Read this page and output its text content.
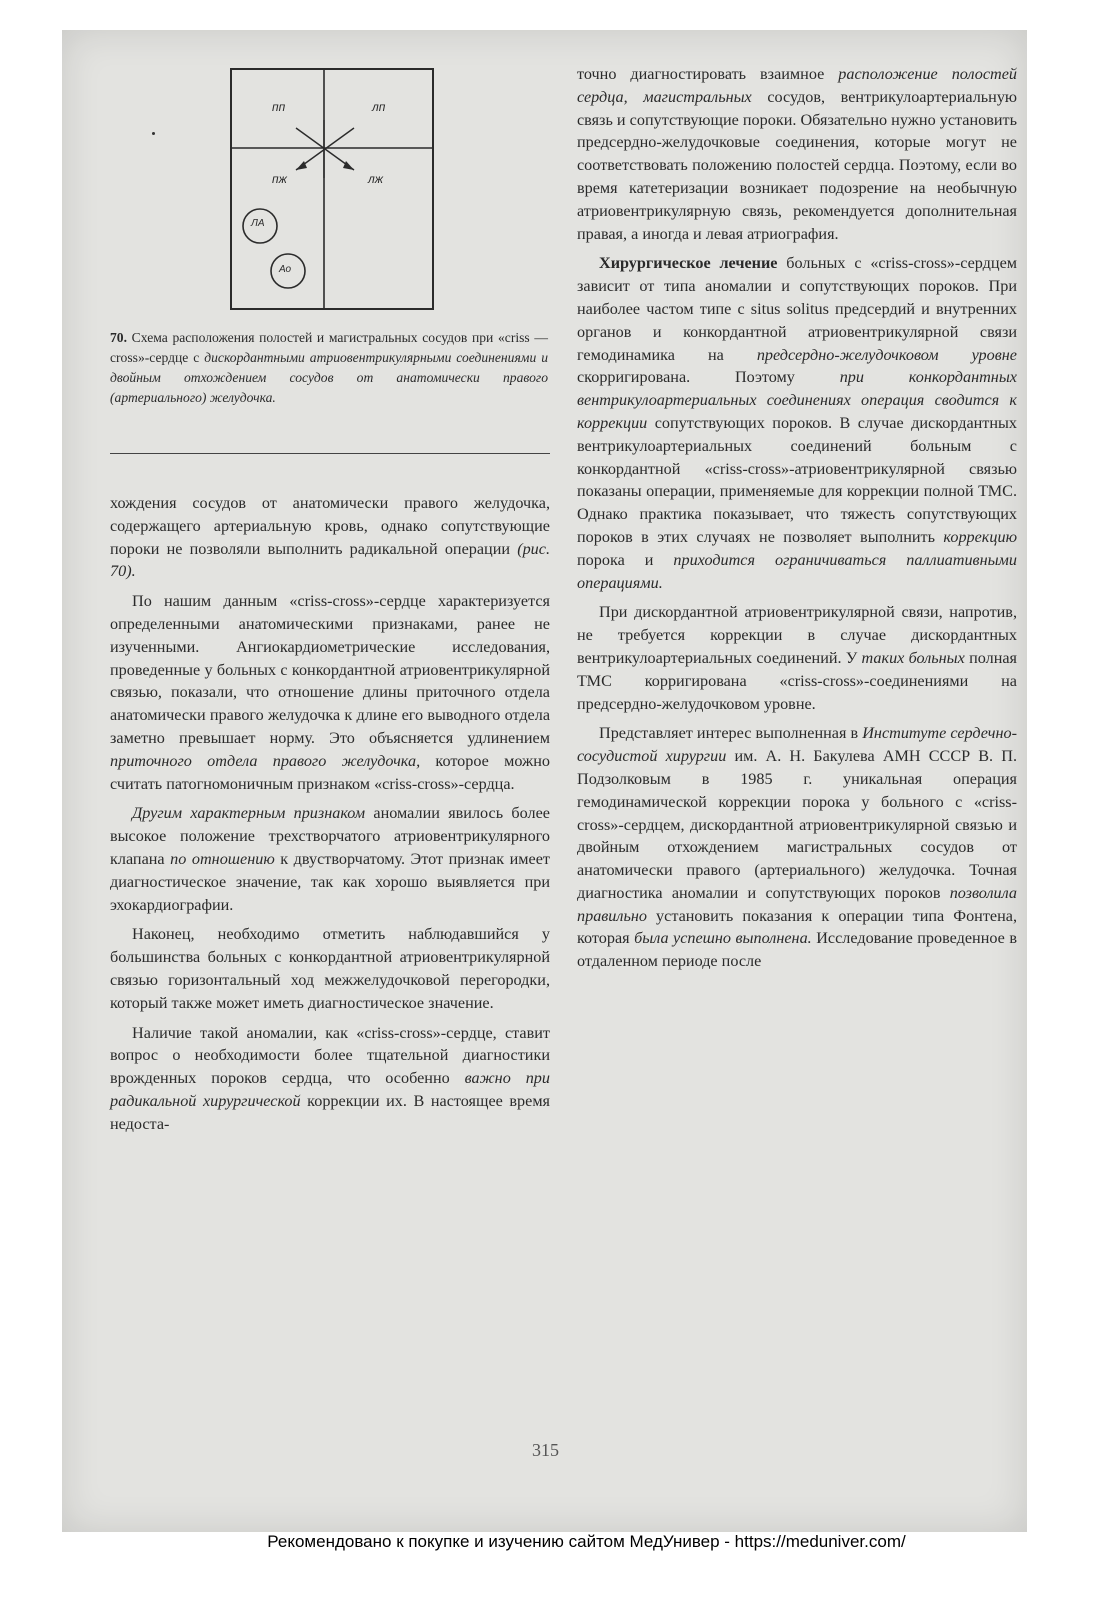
пп	лп
пж	лж
ЛА
Ао
70. Схема расположения полостей и магистральных сосудов при «criss — cross»-сердце с дискордантными атриовентрикулярными соединениями и двойным отхождением сосудов от анатомически правого (артериального) желудочка.

хождения сосудов от анатомически правого желудочка, содержащего артериальную кровь, однако сопутствующие пороки не позволяли выполнить радикальной операции (рис. 70).

По нашим данным «criss-cross»-сердце характеризуется определенными анатомическими признаками, ранее не изученными. Ангиокардиометрические исследования, проведенные у больных с конкордантной атриовентрикулярной связью, показали, что отношение длины приточного отдела анатомически правого желудочка к длине его выводного отдела заметно превышает норму. Это объясняется удлинением приточного отдела правого желудочка, которое можно считать патогномоничным признаком «criss-cross»-сердца.

Другим характерным признаком аномалии явилось более высокое положение трехстворчатого атриовентрикулярного клапана по отношению к двустворчатому. Этот признак имеет диагностическое значение, так как хорошо выявляется при эхокардиографии.

Наконец, необходимо отметить наблюдавшийся у большинства больных с конкордантной атриовентрикулярной связью горизонтальный ход межжелудочковой перегородки, который также может иметь диагностическое значение.

Наличие такой аномалии, как «criss-cross»-сердце, ставит вопрос о необходимости более тщательной диагностики врожденных пороков сердца, что особенно важно при радикальной хирургической коррекции их. В настоящее время недоста-

точно диагностировать взаимное расположение полостей сердца, магистральных сосудов, вентрикулоартериальную связь и сопутствующие пороки. Обязательно нужно установить предсердно-желудочковые соединения, которые могут не соответствовать положению полостей сердца. Поэтому, если во время катетеризации возникает подозрение на необычную атриовентрикулярную связь, рекомендуется дополнительная правая, а иногда и левая атриография.

Хирургическое лечение больных с «criss-cross»-сердцем зависит от типа аномалии и сопутствующих пороков. При наиболее частом типе с situs solitus предсердий и внутренних органов и конкордантной атриовентрикулярной связи гемодинамика на предсердно-желудочковом уровне скорригирована. Поэтому при конкордантных вентрикулоартериальных соединениях операция сводится к коррекции сопутствующих пороков. В случае дискордантных вентрикулоартериальных соединений больным с конкордантной «criss-cross»-атриовентрикулярной связью показаны операции, применяемые для коррекции полной ТМС. Однако практика показывает, что тяжесть сопутствующих пороков в этих случаях не позволяет выполнить коррекцию порока и приходится ограничиваться паллиативными операциями.

При дискордантной атриовентрикулярной связи, напротив, не требуется коррекции в случае дискордантных вентрикулоартериальных соединений. У таких больных полная ТМС корригирована «criss-cross»-соединениями на предсердно-желудочковом уровне.

Представляет интерес выполненная в Институте сердечно-сосудистой хирургии им. А. Н. Бакулева АМН СССР В. П. Подзолковым в 1985 г. уникальная операция гемодинамической коррекции порока у больного с «criss-cross»-сердцем, дискордантной атриовентрикулярной связью и двойным отхождением магистральных сосудов от анатомически правого (артериального) желудочка. Точная диагностика аномалии и сопутствующих пороков позволила правильно установить показания к операции типа Фонтена, которая была успешно выполнена. Исследование проведенное в отдаленном периоде после

315
Рекомендовано к покупке и изучению сайтом МедУнивер - https://meduniver.com/
